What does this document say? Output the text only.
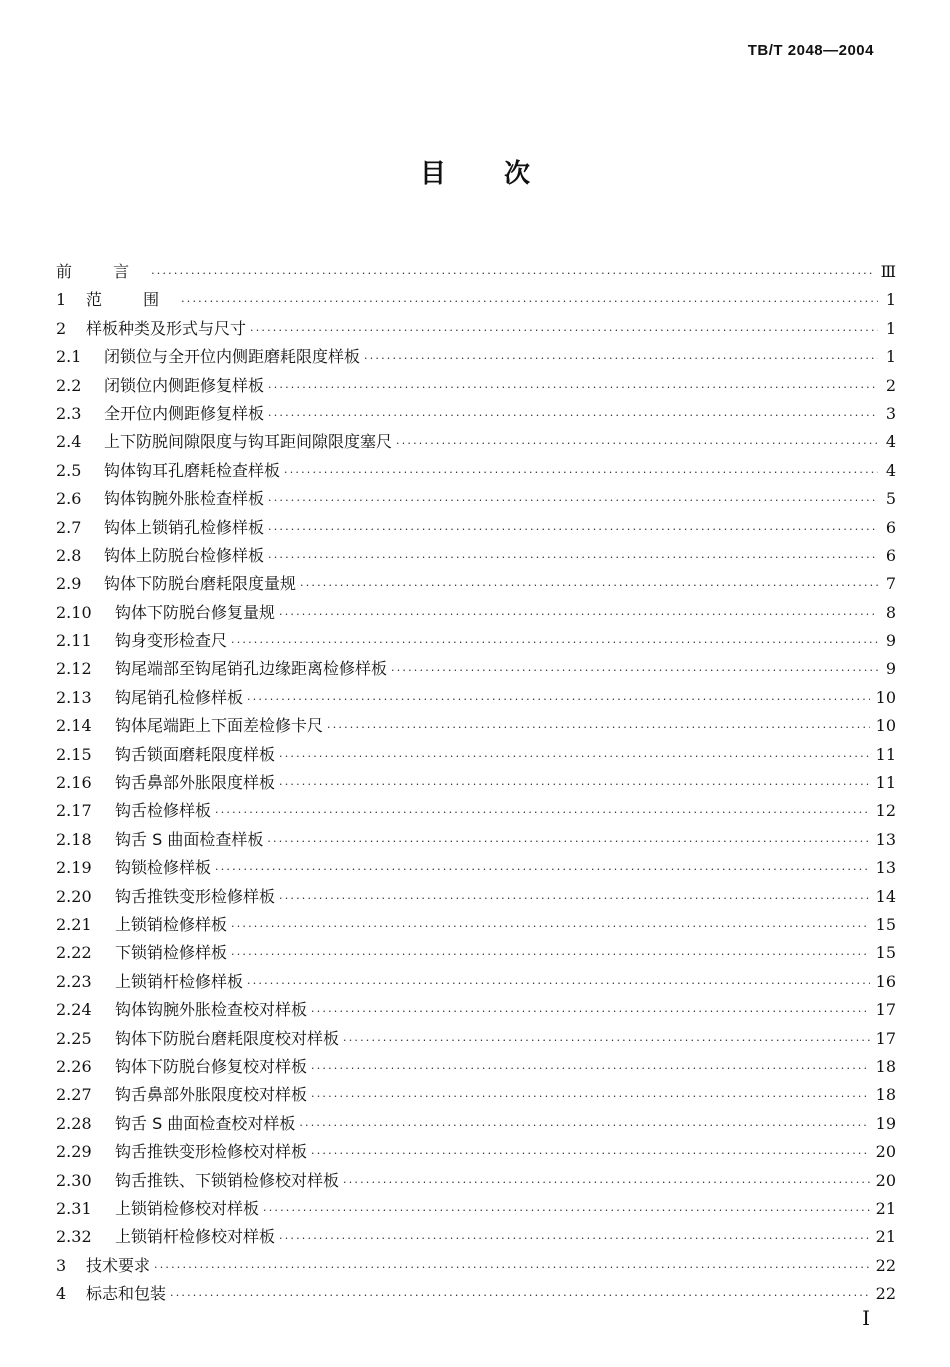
TB/T 2048—2004
目次
前 言 ·····	Ⅲ
1	范 围 ·····	1
2	样板种类及形式与尺寸 ·····	1
2.1	闭锁位与全开位内侧距磨耗限度样板 ·····	1
2.2	闭锁位内侧距修复样板 ·····	2
2.3	全开位内侧距修复样板 ·····	3
2.4	上下防脱间隙限度与钩耳距间隙限度塞尺 ·····	4
2.5	钩体钩耳孔磨耗检查样板 ·····	4
2.6	钩体钩腕外胀检查样板 ·····	5
2.7	钩体上锁销孔检修样板 ·····	6
2.8	钩体上防脱台检修样板 ·····	6
2.9	钩体下防脱台磨耗限度量规 ·····	7
2.10	钩体下防脱台修复量规 ·····	8
2.11	钩身变形检查尺 ·····	9
2.12	钩尾端部至钩尾销孔边缘距离检修样板 ·····	9
2.13	钩尾销孔检修样板 ·····	10
2.14	钩体尾端距上下面差检修卡尺 ·····	10
2.15	钩舌锁面磨耗限度样板 ·····	11
2.16	钩舌鼻部外胀限度样板 ·····	11
2.17	钩舌检修样板 ·····	12
2.18	钩舌 S 曲面检查样板 ·····	13
2.19	钩锁检修样板 ·····	13
2.20	钩舌推铁变形检修样板 ·····	14
2.21	上锁销检修样板 ·····	15
2.22	下锁销检修样板 ·····	15
2.23	上锁销杆检修样板 ·····	16
2.24	钩体钩腕外胀检查校对样板 ·····	17
2.25	钩体下防脱台磨耗限度校对样板 ·····	17
2.26	钩体下防脱台修复校对样板 ·····	18
2.27	钩舌鼻部外胀限度校对样板 ·····	18
2.28	钩舌 S 曲面检查校对样板 ·····	19
2.29	钩舌推铁变形检修校对样板 ·····	20
2.30	钩舌推铁、下锁销检修校对样板 ·····	20
2.31	上锁销检修校对样板 ·····	21
2.32	上锁销杆检修校对样板 ·····	21
3	技术要求 ·····	22
4	标志和包装 ·····	22
I
